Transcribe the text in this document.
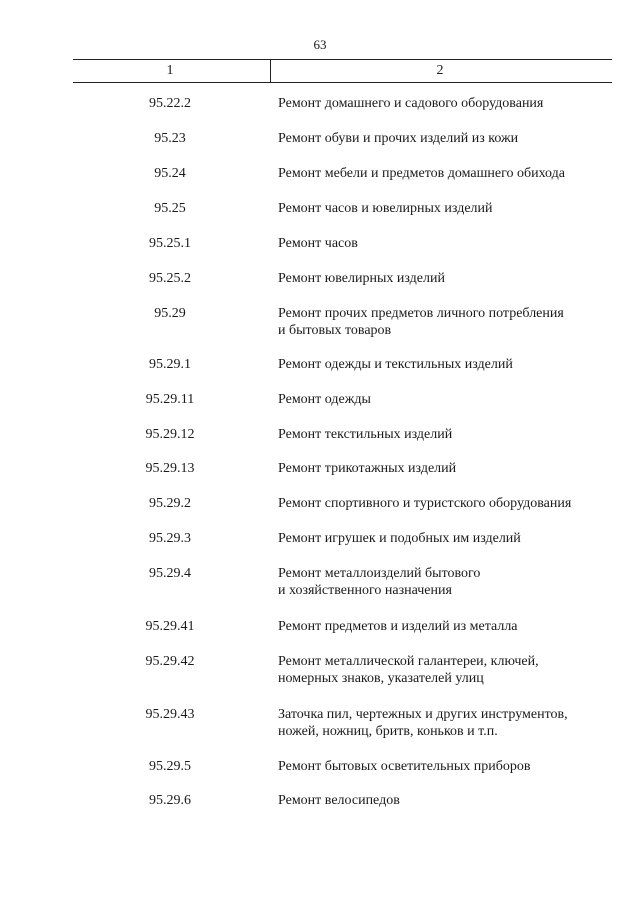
63
1	2
95.22.2	Ремонт домашнего и садового оборудования
95.23	Ремонт обуви и прочих изделий из кожи
95.24	Ремонт мебели и предметов домашнего обихода
95.25	Ремонт часов и ювелирных изделий
95.25.1	Ремонт часов
95.25.2	Ремонт ювелирных изделий
95.29	Ремонт прочих предметов личного потребления
и бытовых товаров
95.29.1	Ремонт одежды и текстильных изделий
95.29.11	Ремонт одежды
95.29.12	Ремонт текстильных изделий
95.29.13	Ремонт трикотажных изделий
95.29.2	Ремонт спортивного и туристского оборудования
95.29.3	Ремонт игрушек и подобных им изделий
95.29.4	Ремонт металлоизделий бытового
и хозяйственного назначения
95.29.41	Ремонт предметов и изделий из металла
95.29.42	Ремонт металлической галантереи, ключей,
номерных знаков, указателей улиц
95.29.43	Заточка пил, чертежных и других инструментов,
ножей, ножниц, бритв, коньков и т.п.
95.29.5	Ремонт бытовых осветительных приборов
95.29.6	Ремонт велосипедов
